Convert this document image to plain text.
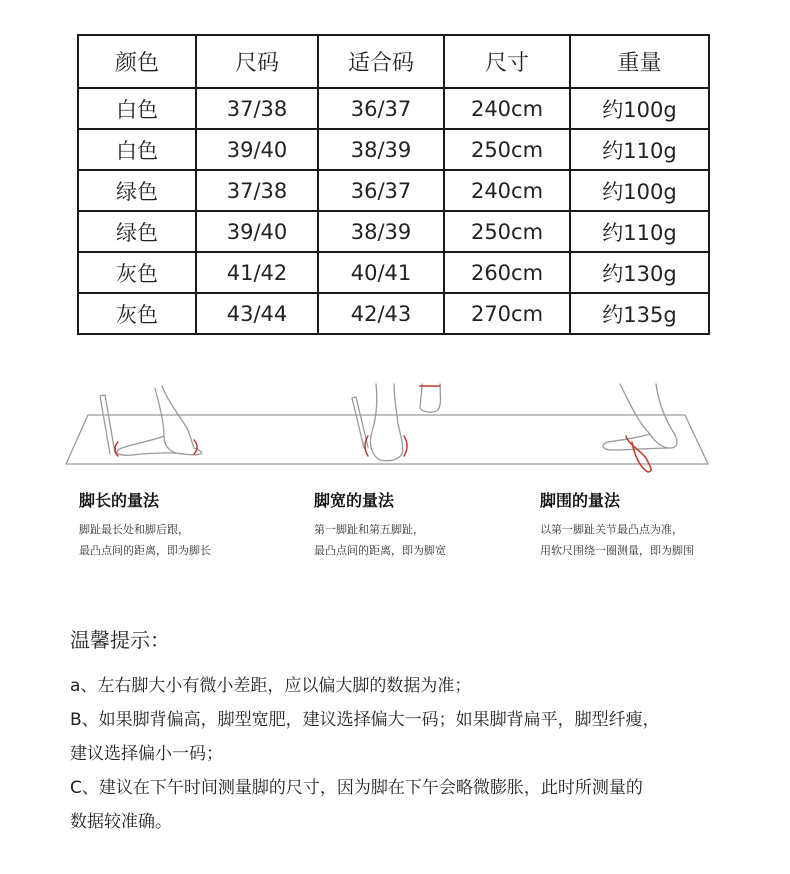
颜色	尺码	适合码	尺寸	重量
白色	37/38	36/37	240cm	约100g
白色	39/40	38/39	250cm	约110g
绿色	37/38	36/37	240cm	约100g
绿色	39/40	38/39	250cm	约110g
灰色	41/42	40/41	260cm	约130g
灰色	43/44	42/43	270cm	约135g

脚长的量法

脚趾最长处和脚后跟，

最凸点间的距离，即为脚长

脚宽的量法

第一脚趾和第五脚趾，

最凸点间的距离，即为脚宽

脚围的量法

以第一脚趾关节最凸点为准，

用软尺围绕一圈测量，即为脚围

温馨提示：

a、左右脚大小有微小差距，应以偏大脚的数据为准；

B、如果脚背偏高，脚型宽肥，建议选择偏大一码；如果脚背扁平，脚型纤瘦，

建议选择偏小一码；

C、建议在下午时间测量脚的尺寸，因为脚在下午会略微膨胀，此时所测量的

数据较准确。
